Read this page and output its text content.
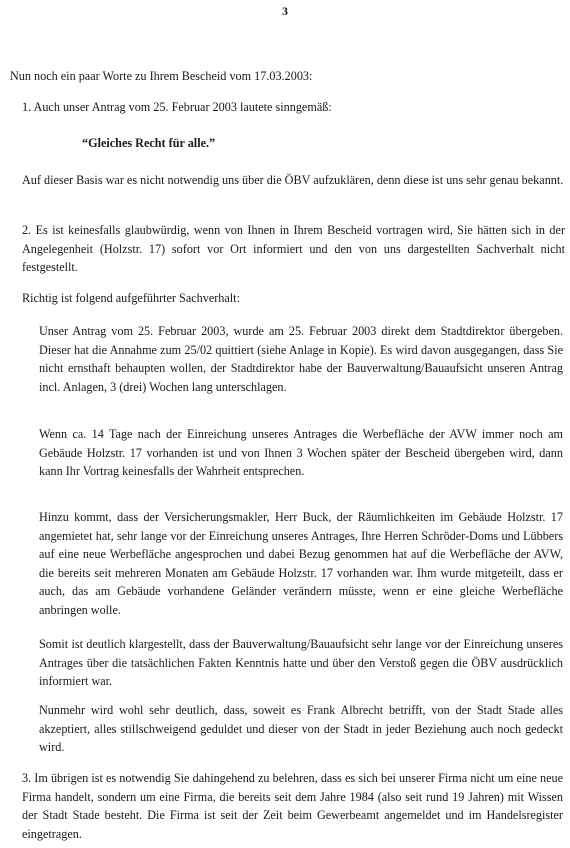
3

Nun noch ein paar Worte zu Ihrem Bescheid vom 17.03.2003:

1. Auch unser Antrag vom 25. Februar 2003 lautete sinngemäß:

“Gleiches Recht für alle.”

Auf dieser Basis war es nicht notwendig uns über die ÖBV aufzuklären, denn diese ist uns sehr genau bekannt.

2. Es ist keinesfalls glaubwürdig, wenn von Ihnen in Ihrem Bescheid vortragen wird, Sie hätten sich in der Angelegenheit (Holzstr. 17) sofort vor Ort informiert und den von uns dargestellten Sachverhalt nicht festgestellt.

Richtig ist folgend aufgeführter Sachverhalt:

Unser Antrag vom 25. Februar 2003, wurde am 25. Februar 2003 direkt dem Stadtdirektor übergeben. Dieser hat die Annahme zum 25/02 quittiert (siehe Anlage in Kopie). Es wird davon ausgegangen, dass Sie nicht ernsthaft behaupten wollen, der Stadtdirektor habe der Bauverwaltung/Bauaufsicht unseren Antrag incl. Anlagen, 3 (drei) Wochen lang unterschlagen.

Wenn ca. 14 Tage nach der Einreichung unseres Antrages die Werbefläche der AVW immer noch am Gebäude Holzstr. 17 vorhanden ist und von Ihnen 3 Wochen später der Bescheid übergeben wird, dann kann Ihr Vortrag keinesfalls der Wahrheit entsprechen.

Hinzu kommt, dass der Versicherungsmakler, Herr Buck, der Räumlichkeiten im Gebäude Holzstr. 17 angemietet hat, sehr lange vor der Einreichung unseres Antrages, Ihre Herren Schröder-Doms und Lübbers auf eine neue Werbefläche angesprochen und dabei Bezug genommen hat auf die Werbefläche der AVW, die bereits seit mehreren Monaten am Gebäude Holzstr. 17 vorhanden war. Ihm wurde mitgeteilt, dass er auch, das am Gebäude vorhandene Geländer verändern müsste, wenn er eine gleiche Werbefläche anbringen wolle.

Somit ist deutlich klargestellt, dass der Bauverwaltung/Bauaufsicht sehr lange vor der Einreichung unseres Antrages über die tatsächlichen Fakten Kenntnis hatte und über den Verstoß gegen die ÖBV ausdrücklich informiert war.

Nunmehr wird wohl sehr deutlich, dass, soweit es Frank Albrecht betrifft, von der Stadt Stade alles akzeptiert, alles stillschweigend geduldet und dieser von der Stadt in jeder Beziehung auch noch gedeckt wird.

3. Im übrigen ist es notwendig Sie dahingehend zu belehren, dass es sich bei unserer Firma nicht um eine neue Firma handelt, sondern um eine Firma, die bereits seit dem Jahre 1984 (also seit rund 19 Jahren) mit Wissen der Stadt Stade besteht. Die Firma ist seit der Zeit beim Gewerbeamt angemeldet und im Handelsregister eingetragen.
